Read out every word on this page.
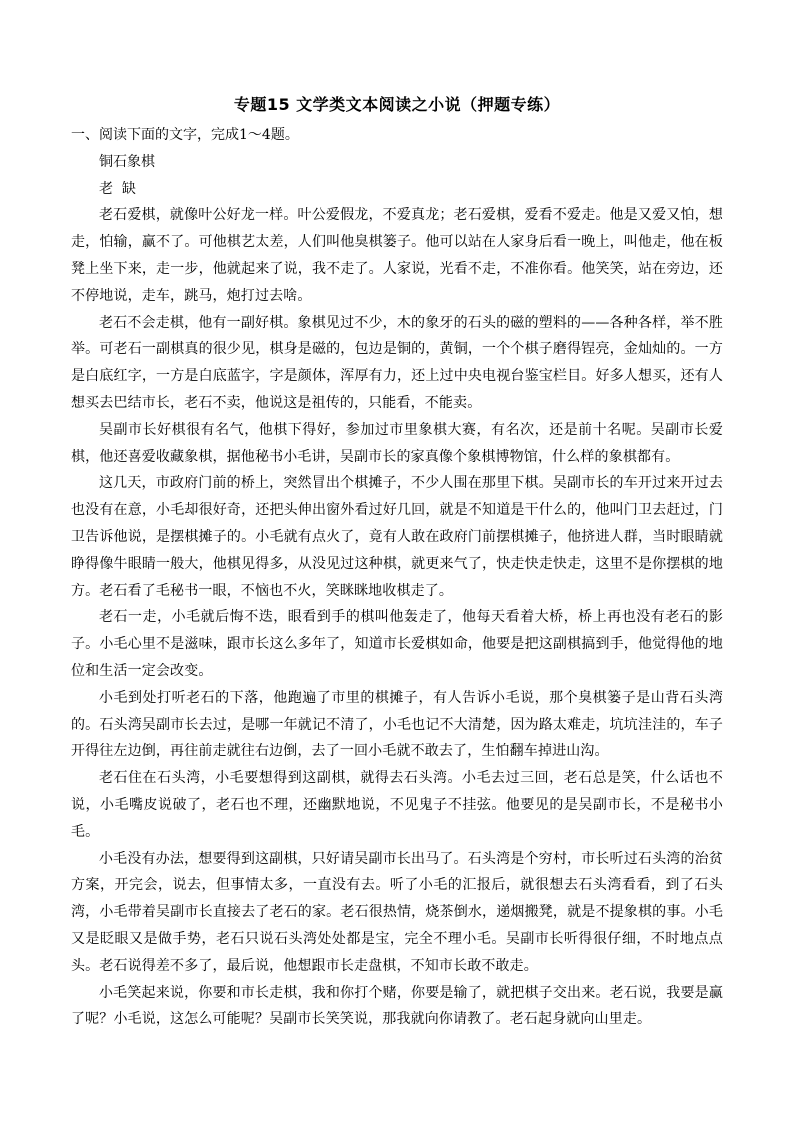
专题15 文学类文本阅读之小说（押题专练）

一、阅读下面的文字，完成1～4题。

铜石象棋

老  缺

老石爱棋，就像叶公好龙一样。叶公爱假龙，不爱真龙；老石爱棋，爱看不爱走。他是又爱又怕，想走，怕输，赢不了。可他棋艺太差，人们叫他臭棋篓子。他可以站在人家身后看一晚上，叫他走，他在板凳上坐下来，走一步，他就起来了说，我不走了。人家说，光看不走，不准你看。他笑笑，站在旁边，还不停地说，走车，跳马，炮打过去啥。

老石不会走棋，他有一副好棋。象棋见过不少，木的象牙的石头的磁的塑料的——各种各样，举不胜举。可老石一副棋真的很少见，棋身是磁的，包边是铜的，黄铜，一个个棋子磨得锃亮，金灿灿的。一方是白底红字，一方是白底蓝字，字是颜体，浑厚有力，还上过中央电视台鉴宝栏目。好多人想买，还有人想买去巴结市长，老石不卖，他说这是祖传的，只能看，不能卖。

吴副市长好棋很有名气，他棋下得好，参加过市里象棋大赛，有名次，还是前十名呢。吴副市长爱棋，他还喜爱收藏象棋，据他秘书小毛讲，吴副市长的家真像个象棋博物馆，什么样的象棋都有。

这几天，市政府门前的桥上，突然冒出个棋摊子，不少人围在那里下棋。吴副市长的车开过来开过去也没有在意，小毛却很好奇，还把头伸出窗外看过好几回，就是不知道是干什么的，他叫门卫去赶过，门卫告诉他说，是摆棋摊子的。小毛就有点火了，竟有人敢在政府门前摆棋摊子，他挤进人群，当时眼睛就睁得像牛眼睛一般大，他棋见得多，从没见过这种棋，就更来气了，快走快走快走，这里不是你摆棋的地方。老石看了毛秘书一眼，不恼也不火，笑眯眯地收棋走了。

老石一走，小毛就后悔不迭，眼看到手的棋叫他轰走了，他每天看着大桥，桥上再也没有老石的影子。小毛心里不是滋味，跟市长这么多年了，知道市长爱棋如命，他要是把这副棋搞到手，他觉得他的地位和生活一定会改变。

小毛到处打听老石的下落，他跑遍了市里的棋摊子，有人告诉小毛说，那个臭棋篓子是山背石头湾的。石头湾吴副市长去过，是哪一年就记不清了，小毛也记不大清楚，因为路太难走，坑坑洼洼的，车子开得往左边倒，再往前走就往右边倒，去了一回小毛就不敢去了，生怕翻车掉进山沟。

老石住在石头湾，小毛要想得到这副棋，就得去石头湾。小毛去过三回，老石总是笑，什么话也不说，小毛嘴皮说破了，老石也不理，还幽默地说，不见鬼子不挂弦。他要见的是吴副市长，不是秘书小毛。

小毛没有办法，想要得到这副棋，只好请吴副市长出马了。石头湾是个穷村，市长听过石头湾的治贫方案，开完会，说去，但事情太多，一直没有去。听了小毛的汇报后，就很想去石头湾看看，到了石头湾，小毛带着吴副市长直接去了老石的家。老石很热情，烧茶倒水，递烟搬凳，就是不提象棋的事。小毛又是眨眼又是做手势，老石只说石头湾处处都是宝，完全不理小毛。吴副市长听得很仔细，不时地点点头。老石说得差不多了，最后说，他想跟市长走盘棋，不知市长敢不敢走。

小毛笑起来说，你要和市长走棋，我和你打个赌，你要是输了，就把棋子交出来。老石说，我要是赢了呢？小毛说，这怎么可能呢？吴副市长笑笑说，那我就向你请教了。老石起身就向山里走。
